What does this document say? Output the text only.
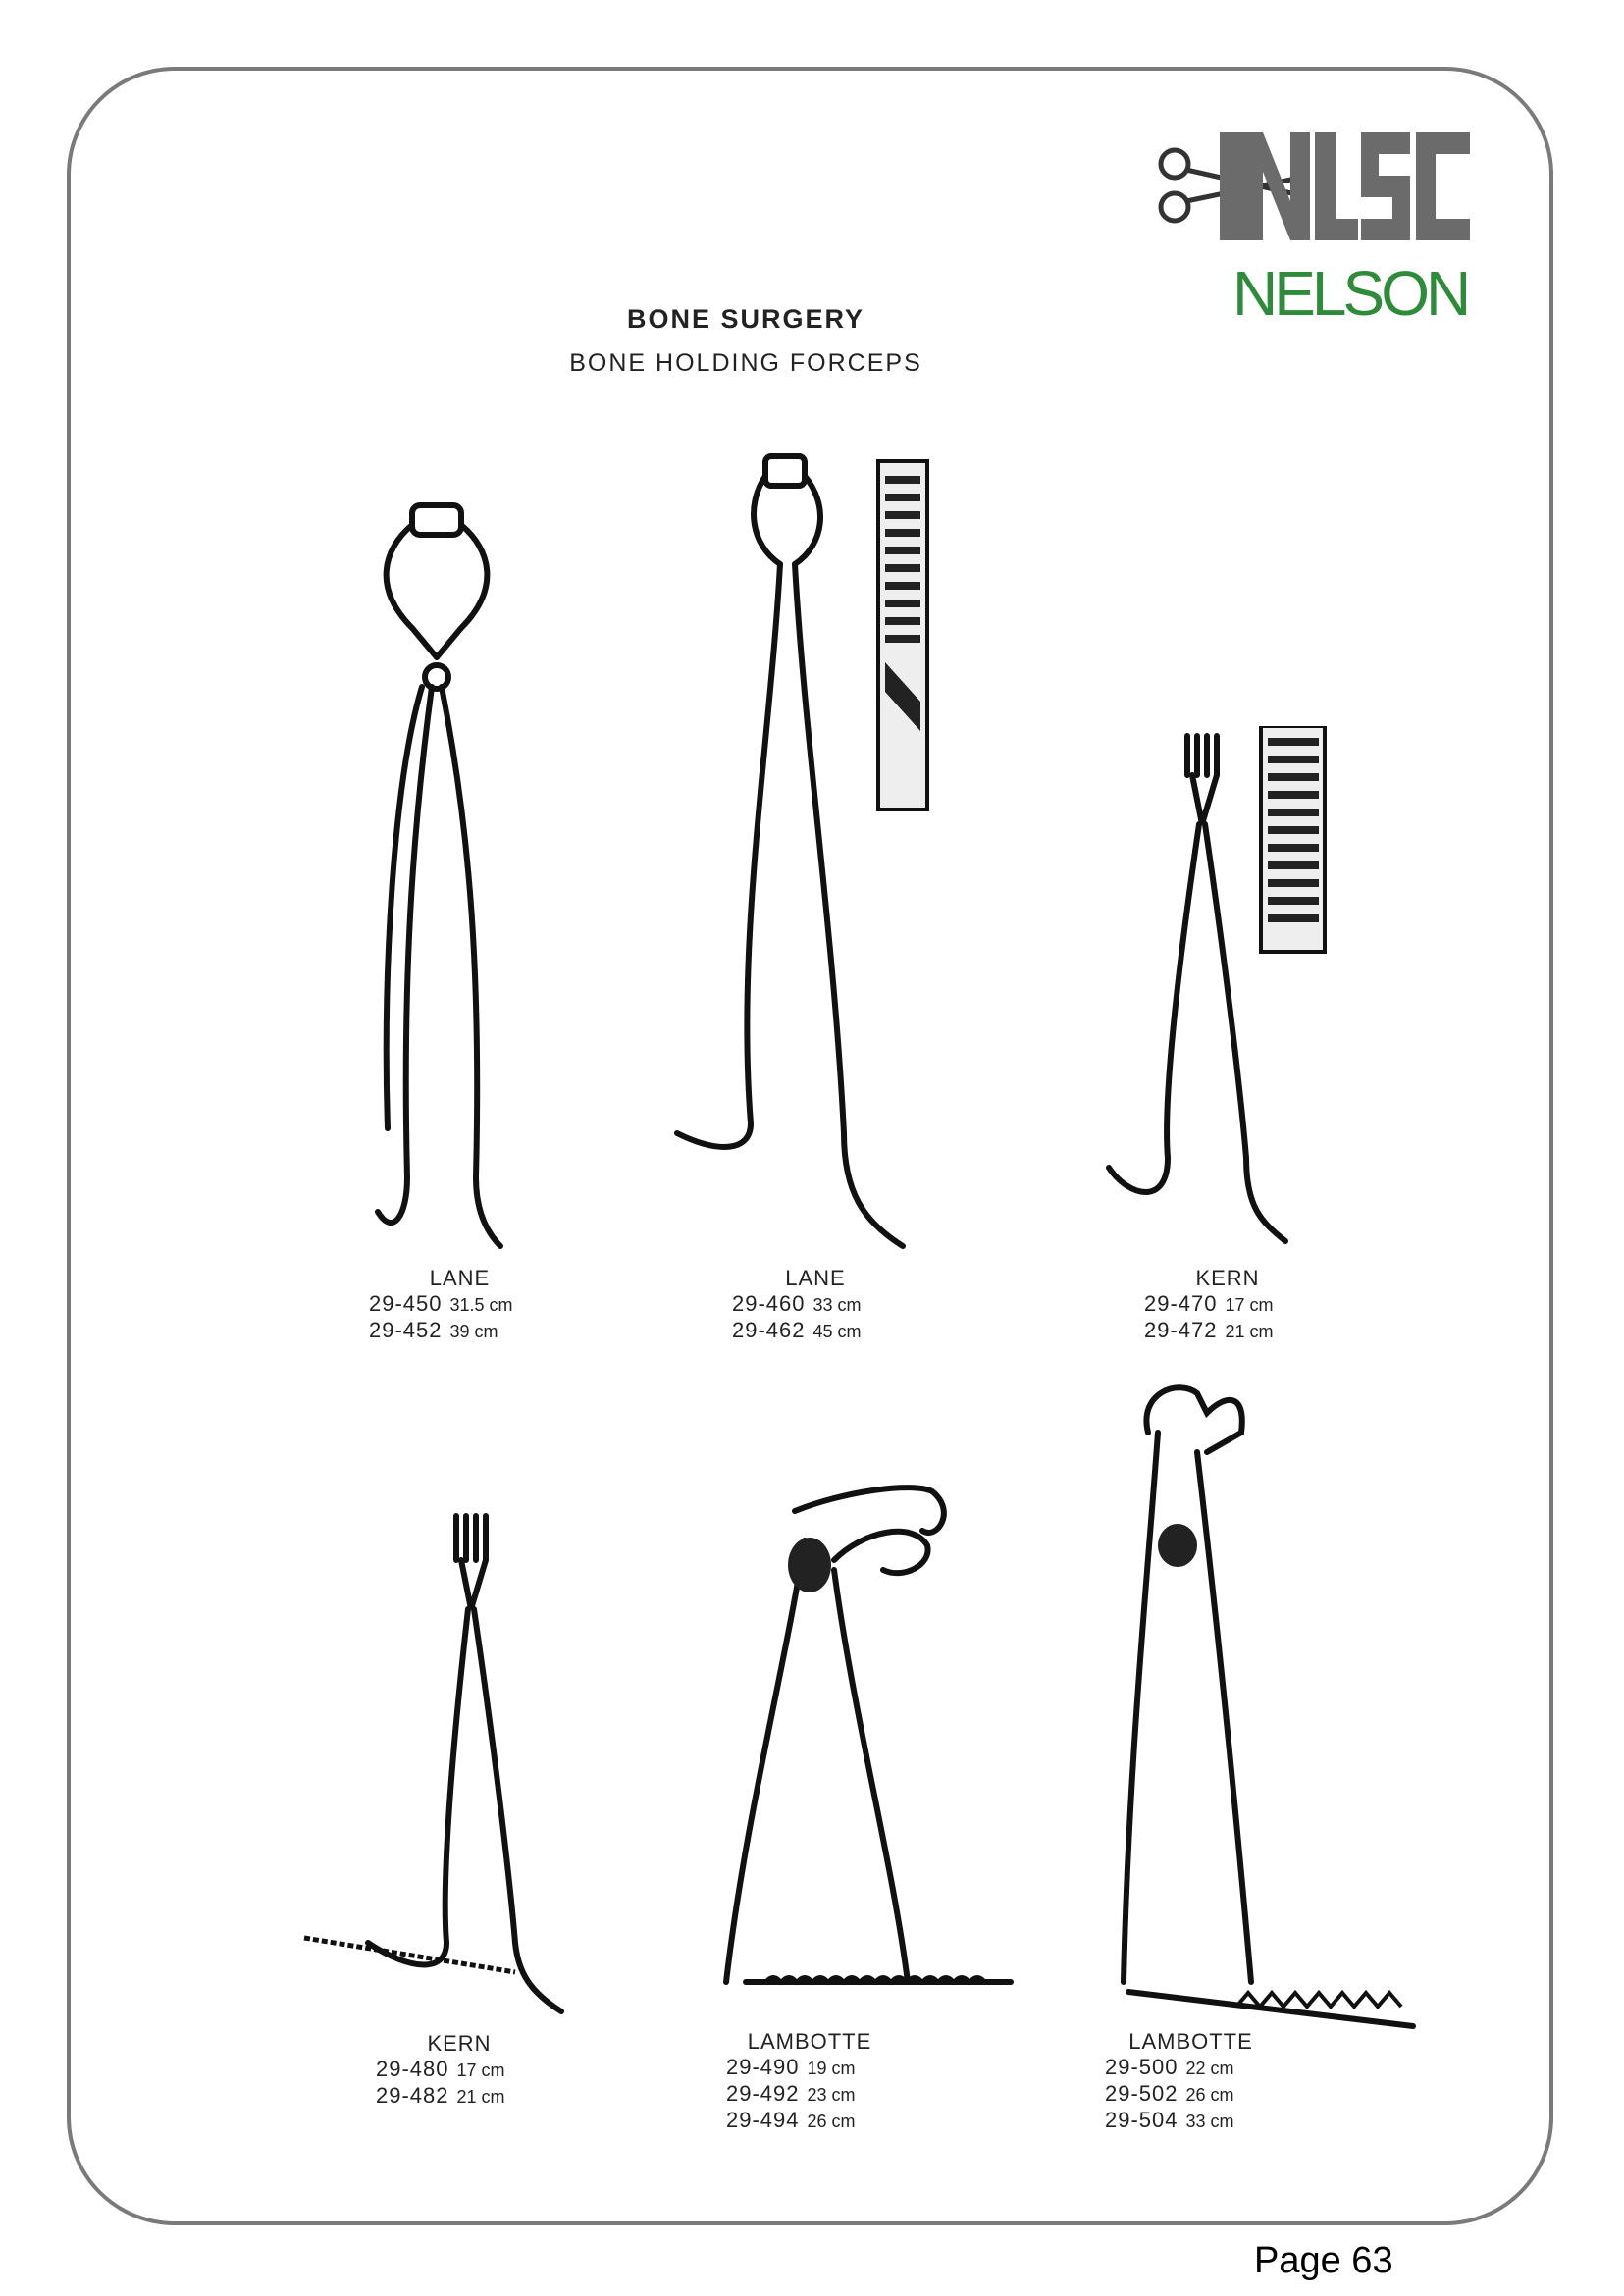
NELSON
BONE SURGERY
BONE HOLDING FORCEPS
LANE
29-450 31.5 cm
29-452 39 cm
LANE
29-460 33 cm
29-462 45 cm
KERN
29-470 17 cm
29-472 21 cm
KERN
29-480 17 cm
29-482 21 cm
LAMBOTTE
29-490 19 cm
29-492 23 cm
29-494 26 cm
LAMBOTTE
29-500 22 cm
29-502 26 cm
29-504 33 cm
Page 63
